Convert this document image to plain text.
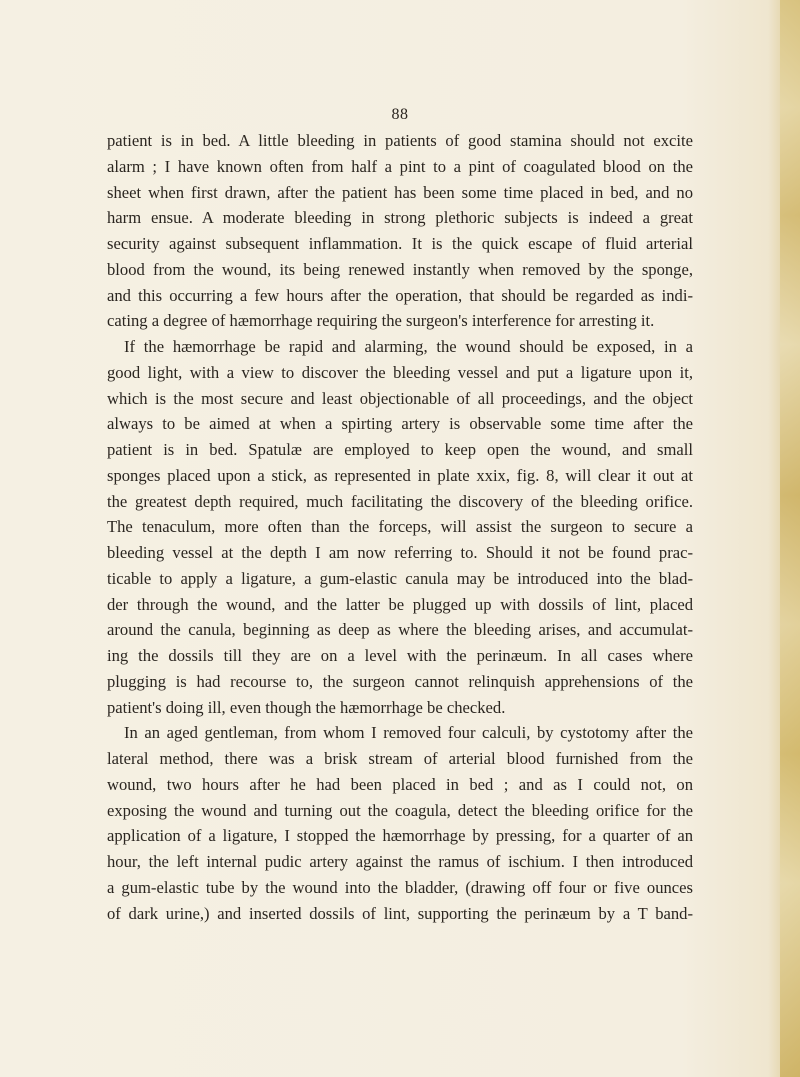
88
patient is in bed. A little bleeding in patients of good stamina should not excite
alarm ; I have known often from half a pint to a pint of coagulated blood on the
sheet when first drawn, after the patient has been some time placed in bed, and no
harm ensue. A moderate bleeding in strong plethoric subjects is indeed a great
security against subsequent inflammation. It is the quick escape of fluid arterial
blood from the wound, its being renewed instantly when removed by the sponge,
and this occurring a few hours after the operation, that should be regarded as indi-
cating a degree of hæmorrhage requiring the surgeon's interference for arresting it.
If the hæmorrhage be rapid and alarming, the wound should be exposed, in a
good light, with a view to discover the bleeding vessel and put a ligature upon it,
which is the most secure and least objectionable of all proceedings, and the object
always to be aimed at when a spirting artery is observable some time after the
patient is in bed. Spatulæ are employed to keep open the wound, and small
sponges placed upon a stick, as represented in plate xxix, fig. 8, will clear it out at
the greatest depth required, much facilitating the discovery of the bleeding orifice.
The tenaculum, more often than the forceps, will assist the surgeon to secure a
bleeding vessel at the depth I am now referring to. Should it not be found prac-
ticable to apply a ligature, a gum-elastic canula may be introduced into the blad-
der through the wound, and the latter be plugged up with dossils of lint, placed
around the canula, beginning as deep as where the bleeding arises, and accumulat-
ing the dossils till they are on a level with the perinæum. In all cases where
plugging is had recourse to, the surgeon cannot relinquish apprehensions of the
patient's doing ill, even though the hæmorrhage be checked.
In an aged gentleman, from whom I removed four calculi, by cystotomy after the
lateral method, there was a brisk stream of arterial blood furnished from the
wound, two hours after he had been placed in bed ; and as I could not, on
exposing the wound and turning out the coagula, detect the bleeding orifice for the
application of a ligature, I stopped the hæmorrhage by pressing, for a quarter of an
hour, the left internal pudic artery against the ramus of ischium. I then introduced
a gum-elastic tube by the wound into the bladder, (drawing off four or five ounces
of dark urine,) and inserted dossils of lint, supporting the perinæum by a T band-
